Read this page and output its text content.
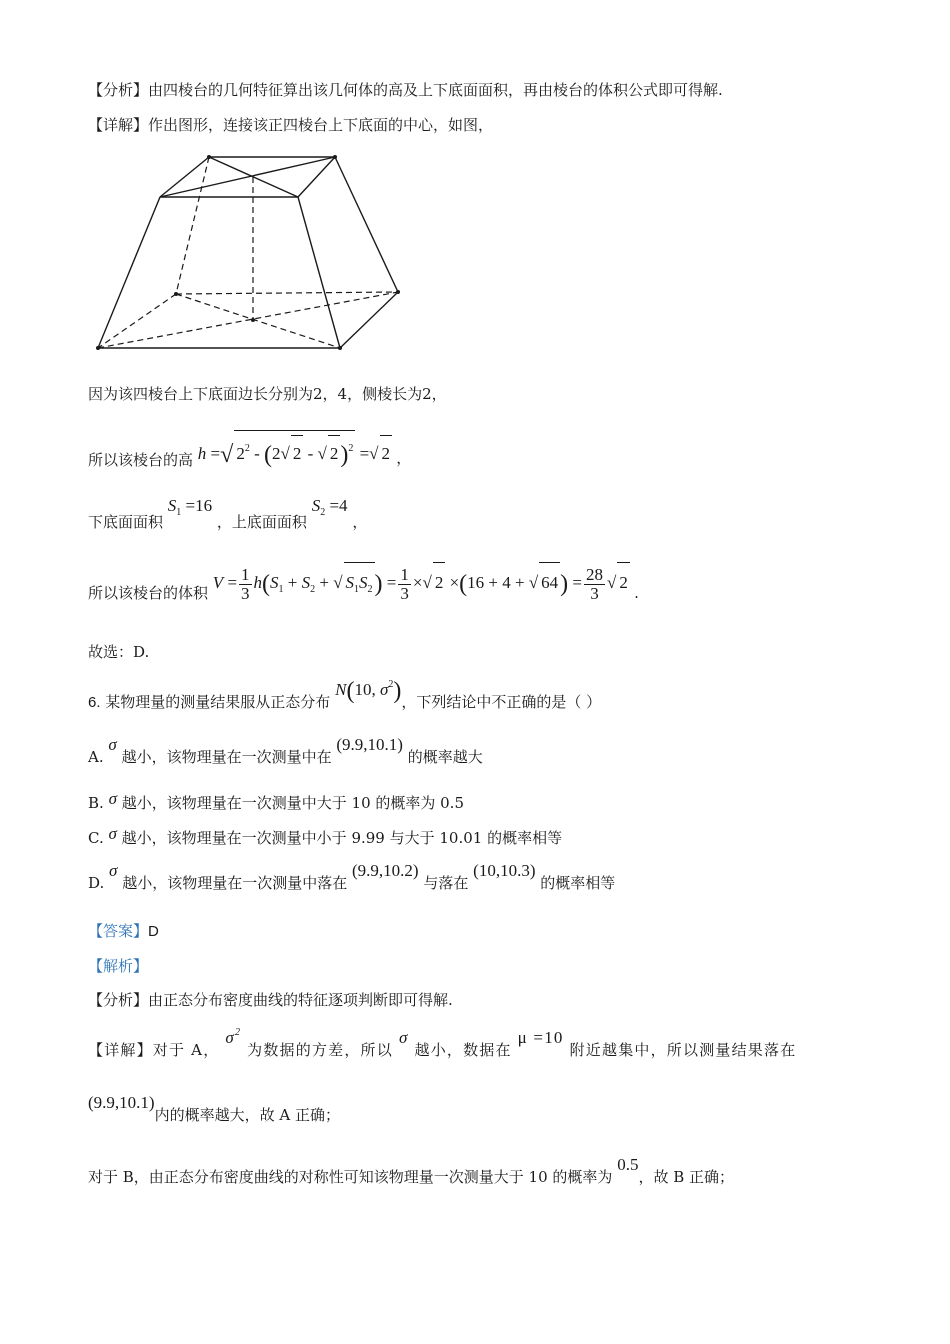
【分析】由四棱台的几何特征算出该几何体的高及上下底面面积，再由棱台的体积公式即可得解.
【详解】作出图形，连接该正四棱台上下底面的中心，如图，
因为该四棱台上下底面边长分别为2，4，侧棱长为2，
所以该棱台的高 h =√ $2^2 - (2√$ 2 - √ 2)$^2$ =√ 2 ，
下底面面积 $S_1 =16$ ，上底面面积 $S_2 =4$ ，
所以该棱台的体积 $V = \frac{1}{3} h(S_1 + S_2$ + √ $S_1S_2) = \frac{1}{3}$ ×√ 2 ×(16 + 4 + √ $64) = \frac{28}{3}$ √ 2 .
故选：D.
6. 某物理量的测量结果服从正态分布 N(10, $\sigma^2$)，下列结论中不正确的是（ ）
A. σ 越小，该物理量在一次测量中在 (9.9,10.1) 的概率越大
B. σ 越小，该物理量在一次测量中大于 10 的概率为 0.5
C. σ 越小，该物理量在一次测量中小于 9.99 与大于 10.01 的概率相等
D. σ 越小，该物理量在一次测量中落在 (9.9,10.2) 与落在 (10,10.3) 的概率相等
【答案】D
【解析】
【分析】由正态分布密度曲线的特征逐项判断即可得解.
【详解】对于 A， $\sigma^2$ 为数据的方差，所以 σ 越小，数据在 μ =10 附近越集中，所以测量结果落在
(9.9,10.1)内的概率越大，故 A 正确；
对于 B，由正态分布密度曲线的对称性可知该物理量一次测量大于 10 的概率为 0.5，故 B 正确；
